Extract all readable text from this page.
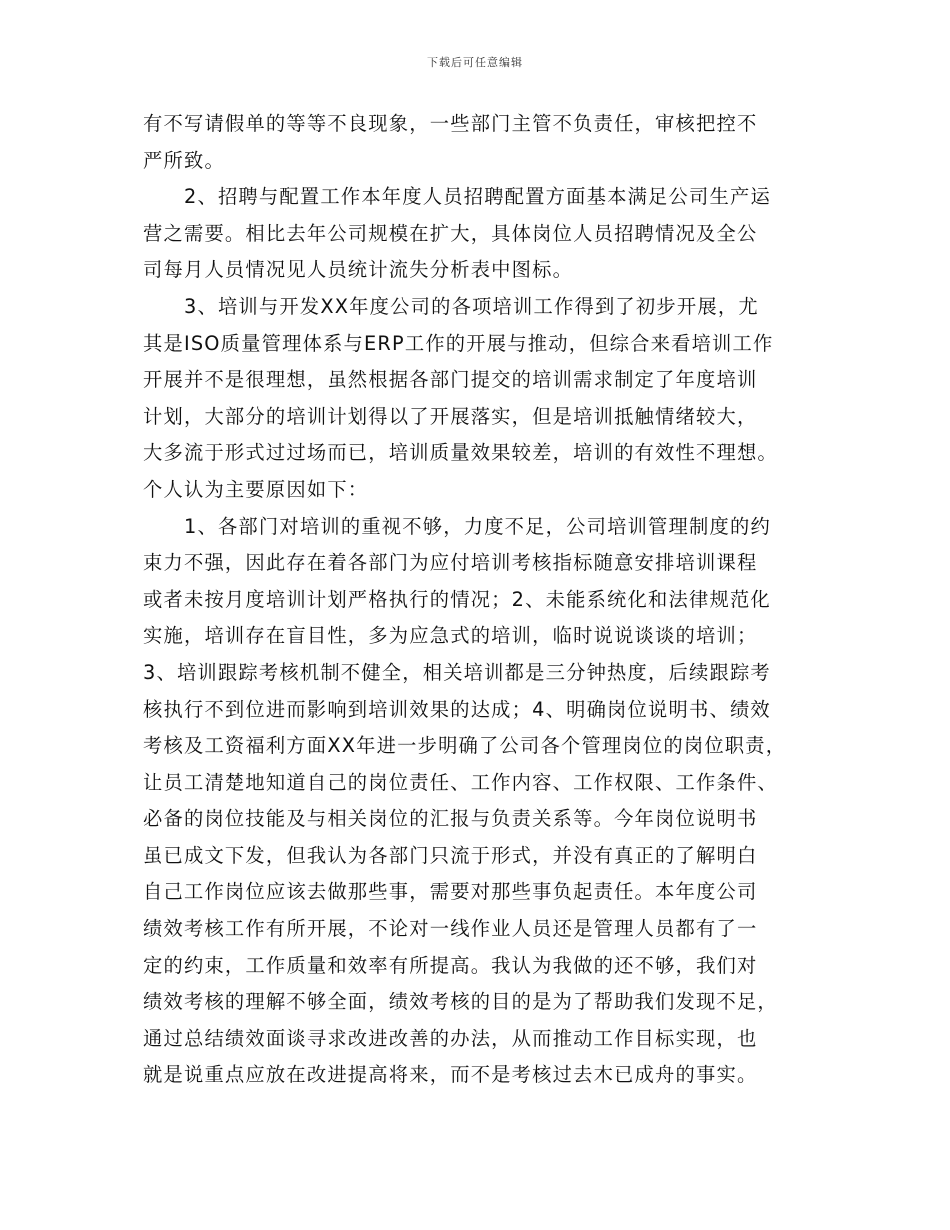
下载后可任意编辑
有不写请假单的等等不良现象，一些部门主管不负责任，审核把控不
严所致。
2、招聘与配置工作本年度人员招聘配置方面基本满足公司生产运
营之需要。相比去年公司规模在扩大，具体岗位人员招聘情况及全公
司每月人员情况见人员统计流失分析表中图标。
3、培训与开发XX年度公司的各项培训工作得到了初步开展，尤
其是ISO质量管理体系与ERP工作的开展与推动，但综合来看培训工作
开展并不是很理想，虽然根据各部门提交的培训需求制定了年度培训
计划，大部分的培训计划得以了开展落实，但是培训抵触情绪较大，
大多流于形式过过场而已，培训质量效果较差，培训的有效性不理想。
个人认为主要原因如下：
1、各部门对培训的重视不够，力度不足，公司培训管理制度的约
束力不强，因此存在着各部门为应付培训考核指标随意安排培训课程
或者未按月度培训计划严格执行的情况；2、未能系统化和法律规范化
实施，培训存在盲目性，多为应急式的培训，临时说说谈谈的培训；
3、培训跟踪考核机制不健全，相关培训都是三分钟热度，后续跟踪考
核执行不到位进而影响到培训效果的达成；4、明确岗位说明书、绩效
考核及工资福利方面XX年进一步明确了公司各个管理岗位的岗位职责，
让员工清楚地知道自己的岗位责任、工作内容、工作权限、工作条件、
必备的岗位技能及与相关岗位的汇报与负责关系等。今年岗位说明书
虽已成文下发，但我认为各部门只流于形式，并没有真正的了解明白
自己工作岗位应该去做那些事，需要对那些事负起责任。本年度公司
绩效考核工作有所开展，不论对一线作业人员还是管理人员都有了一
定的约束，工作质量和效率有所提高。我认为我做的还不够，我们对
绩效考核的理解不够全面，绩效考核的目的是为了帮助我们发现不足，
通过总结绩效面谈寻求改进改善的办法，从而推动工作目标实现，也
就是说重点应放在改进提高将来，而不是考核过去木已成舟的事实。
